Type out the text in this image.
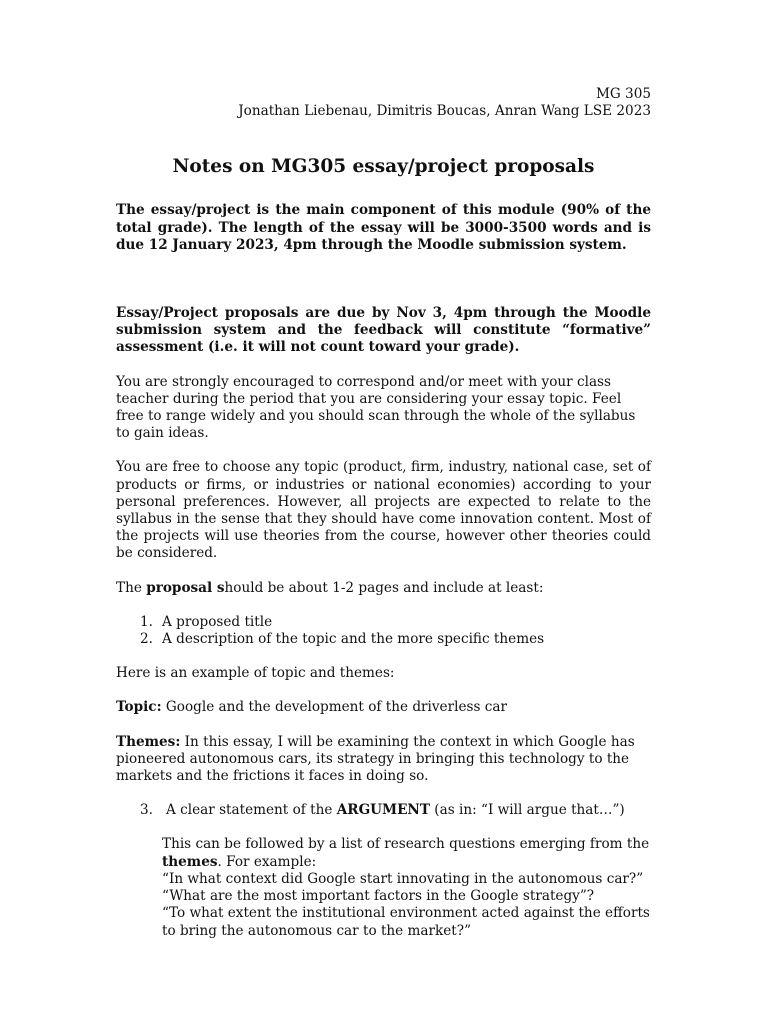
MG 305
Jonathan Liebenau, Dimitris Boucas, Anran Wang LSE 2023
Notes on MG305 essay/project proposals

The essay/project is the main component of this module (90% of the total grade). The length of the essay will be 3000-3500 words and is due 12 January 2023, 4pm through the Moodle submission system.

Essay/Project proposals are due by Nov 3, 4pm through the Moodle submission system and the feedback will constitute “formative” assessment (i.e. it will not count toward your grade).

You are strongly encouraged to correspond and/or meet with your class teacher during the period that you are considering your essay topic. Feel free to range widely and you should scan through the whole of the syllabus to gain ideas.

You are free to choose any topic (product, firm, industry, national case, set of products or firms, or industries or national economies) according to your personal preferences. However, all projects are expected to relate to the syllabus in the sense that they should have come innovation content. Most of the projects will use theories from the course, however other theories could be considered.

The proposal should be about 1-2 pages and include at least:

1. A proposed title
2. A description of the topic and the more specific themes

Here is an example of topic and themes:

Topic: Google and the development of the driverless car

Themes: In this essay, I will be examining the context in which Google has pioneered autonomous cars, its strategy in bringing this technology to the markets and the frictions it faces in doing so.

3. A clear statement of the ARGUMENT (as in: “I will argue that…”)
This can be followed by a list of research questions emerging from the
themes. For example:
“In what context did Google start innovating in the autonomous car?”
“What are the most important factors in the Google strategy”?
“To what extent the institutional environment acted against the efforts to bring the autonomous car to the market?”
